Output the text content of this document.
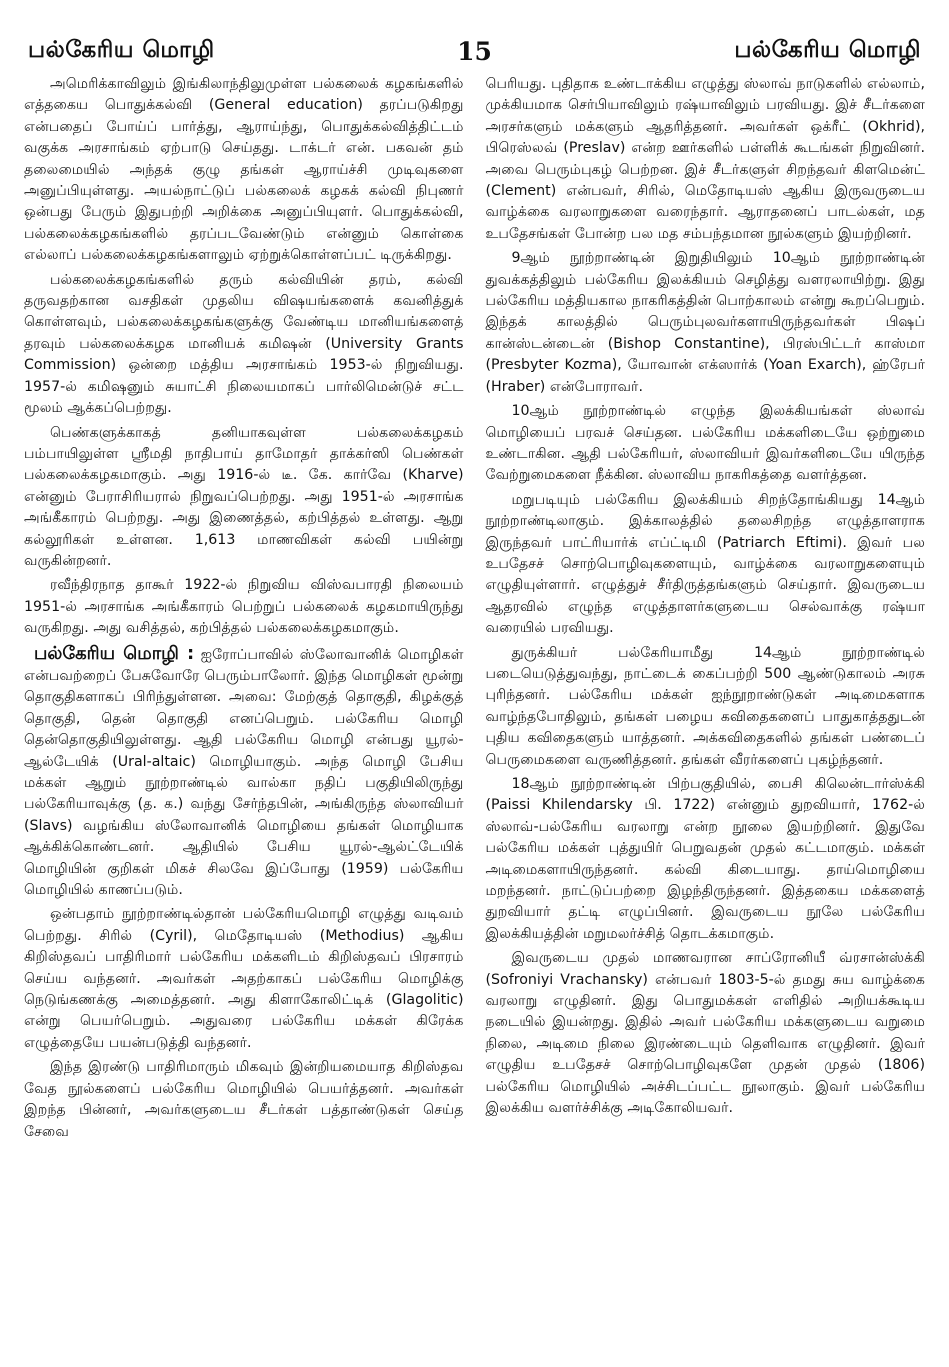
பல்கேரிய மொழி	15	பல்கேரிய மொழி

அமெரிக்காவிலும் இங்கிலாந்திலுமுள்ள பல்கலைக் கழகங்களில் எத்தகைய பொதுக்கல்வி (General education) தரப்படுகிறது என்பதைப் போய்ப் பார்த்து, ஆராய்ந்து, பொதுக்கல்வித்திட்டம் வகுக்க அரசாங்கம் ஏற்பாடு செய்தது. டாக்டர் என். பகவன் தம் தலைமையில் அந்தக் குழு தங்கள் ஆராய்ச்சி முடிவுகளை அனுப்பியுள்ளது. அயல்நாட்டுப் பல்கலைக் கழகக் கல்வி நிபுணர் ஒன்பது பேரும் இதுபற்றி அறிக்கை அனுப்பியுளர். பொதுக்கல்வி, பல்கலைக்கழகங்களில் தரப்படவேண்டும் என்னும் கொள்கை எல்லாப் பல்கலைக்கழகங்களாலும் ஏற்றுக்கொள்ளப்பட் டிருக்கிறது.

பல்கலைக்கழகங்களில் தரும் கல்வியின் தரம், கல்வி தருவதற்கான வசதிகள் முதலிய விஷயங்களைக் கவனித்துக் கொள்ளவும், பல்கலைக்கழகங்களுக்கு வேண்டிய மானியங்களைத் தரவும் பல்கலைக்கழக மானியக் கமிஷன் (University Grants Commission) ஒன்றை மத்திய அரசாங்கம் 1953-ல் நிறுவியது. 1957-ல் கமிஷனும் சுயாட்சி நிலையமாகப் பார்லிமென்டுச் சட்ட மூலம் ஆக்கப்பெற்றது.

பெண்களுக்காகத் தனியாகவுள்ள பல்கலைக்கழகம் பம்பாயிலுள்ள ஸ்ரீமதி நாதிபாய் தாமோதர் தாக்கர்ஸி பெண்கள் பல்கலைக்கழகமாகும். அது 1916-ல் டீ. கே. கார்வே (Kharve) என்னும் பேராசிரியரால் நிறுவப்பெற்றது. அது 1951-ல் அரசாங்க அங்கீகாரம் பெற்றது. அது இணைத்தல், கற்பித்தல் உள்ளது. ஆறு கல்லூரிகள் உள்ளன. 1,613 மாணவிகள் கல்வி பயின்று வருகின்றனர்.

ரவீந்திரநாத தாகூர் 1922-ல் நிறுவிய விஸ்வபாரதி நிலையம் 1951-ல் அரசாங்க அங்கீகாரம் பெற்றுப் பல்கலைக் கழகமாயிருந்து வருகிறது. அது வசித்தல், கற்பித்தல் பல்கலைக்கழகமாகும்.

பல்கேரிய மொழி : ஐரோப்பாவில் ஸ்லோவானிக் மொழிகள் என்பவற்றைப் பேசுவோரே பெரும்பாலோர். இந்த மொழிகள் மூன்று தொகுதிகளாகப் பிரிந்துள்ளன. அவை: மேற்குத் தொகுதி, கிழக்குத் தொகுதி, தென் தொகுதி எனப்பெறும். பல்கேரிய மொழி தென்தொகுதியிலுள்ளது. ஆதி பல்கேரிய மொழி என்பது யூரல்-ஆல்டேயிக் (Ural-altaic) மொழியாகும். அந்த மொழி பேசிய மக்கள் ஆறும் நூற்றாண்டில் வால்கா நதிப் பகுதியிலிருந்து பல்கேரியாவுக்கு (த. க.) வந்து சேர்ந்தபின், அங்கிருந்த ஸ்லாவியர் (Slavs) வழங்கிய ஸ்லோவானிக் மொழியை தங்கள் மொழியாக ஆக்கிக்கொண்டனர். ஆதியில் பேசிய யூரல்-ஆல்ட்டேயிக் மொழியின் குறிகள் மிகச் சிலவே இப்போது (1959) பல்கேரிய மொழியில் காணப்படும்.

ஒன்பதாம் நூற்றாண்டில்தான் பல்கேரியமொழி எழுத்து வடிவம் பெற்றது. சிரில் (Cyril), மெதோடியஸ் (Methodius) ஆகிய கிறிஸ்தவப் பாதிரிமார் பல்கேரிய மக்களிடம் கிறிஸ்தவப் பிரசாரம் செய்ய வந்தனர். அவர்கள் அதற்காகப் பல்கேரிய மொழிக்கு நெடுங்கணக்கு அமைத்தனர். அது கிளாகோலிட்டிக் (Glagolitic) என்று பெயர்பெறும். அதுவரை பல்கேரிய மக்கள் கிரேக்க எழுத்தையே பயன்படுத்தி வந்தனர்.

இந்த இரண்டு பாதிரிமாரும் மிகவும் இன்றியமையாத கிறிஸ்தவ வேத நூல்களைப் பல்கேரிய மொழியில் பெயர்த்தனர். அவர்கள் இறந்த பின்னர், அவர்களுடைய சீடர்கள் பத்தாண்டுகள் செய்த சேவை

பெரியது. புதிதாக உண்டாக்கிய எழுத்து ஸ்லாவ் நாடுகளில் எல்லாம், முக்கியமாக செர்பியாவிலும் ரஷ்யாவிலும் பரவியது. இச் சீடர்களை அரசர்களும் மக்களும் ஆதரித்தனர். அவர்கள் ஒக்ரீட் (Okhrid), பிரெஸ்லவ் (Preslav) என்ற ஊர்களில் பள்ளிக் கூடங்கள் நிறுவினர். அவை பெரும்புகழ் பெற்றன. இச் சீடர்களுள் சிறந்தவர் கிளமென்ட் (Clement) என்பவர், சிரில், மெதோடியஸ் ஆகிய இருவருடைய வாழ்க்கை வரலாறுகளை வரைந்தார். ஆராதனைப் பாடல்கள், மத உபதேசங்கள் போன்ற பல மத சம்பந்தமான நூல்களும் இயற்றினர்.

9ஆம் நூற்றாண்டின் இறுதியிலும் 10ஆம் நூற்றாண்டின் துவக்கத்திலும் பல்கேரிய இலக்கியம் செழித்து வளரலாயிற்று. இது பல்கேரிய மத்தியகால நாகரிகத்தின் பொற்காலம் என்று கூறப்பெறும். இந்தக் காலத்தில் பெரும்புலவர்களாயிருந்தவர்கள் பிஷப் கான்ஸ்டன்டைன் (Bishop Constantine), பிரஸ்பிட்டர் காஸ்மா (Presbyter Kozma), யோவான் எக்ஸார்க் (Yoan Exarch), ஹ்ரேபர் (Hraber) என்போராவர்.

10ஆம் நூற்றாண்டில் எழுந்த இலக்கியங்கள் ஸ்லாவ் மொழியைப் பரவச் செய்தன. பல்கேரிய மக்களிடையே ஒற்றுமை உண்டாகின. ஆதி பல்கேரியர், ஸ்லாவியர் இவர்களிடையே யிருந்த வேற்றுமைகளை நீக்கின. ஸ்லாவிய நாகரிகத்தை வளர்த்தன.

மறுபடியும் பல்கேரிய இலக்கியம் சிறந்தோங்கியது 14ஆம் நூற்றாண்டிலாகும். இக்காலத்தில் தலைசிறந்த எழுத்தாளராக இருந்தவர் பாட்ரியார்க் எப்ட்டிமி (Patriarch Eftimi). இவர் பல உபதேசச் சொற்பொழிவுகளையும், வாழ்க்கை வரலாறுகளையும் எழுதியுள்ளார். எழுத்துச் சீர்திருத்தங்களும் செய்தார். இவருடைய ஆதரவில் எழுந்த எழுத்தாளர்களுடைய செல்வாக்கு ரஷ்யா வரையில் பரவியது.

துருக்கியர் பல்கேரியாமீது 14ஆம் நூற்றாண்டில் படையெடுத்துவந்து, நாட்டைக் கைப்பற்றி 500 ஆண்டுகாலம் அரசு புரிந்தனர். பல்கேரிய மக்கள் ஐந்நூறாண்டுகள் அடிமைகளாக வாழ்ந்தபோதிலும், தங்கள் பழைய கவிதைகளைப் பாதுகாத்ததுடன் புதிய கவிதைகளும் யாத்தனர். அக்கவிதைகளில் தங்கள் பண்டைப் பெருமைகளை வருணித்தனர். தங்கள் வீரர்களைப் புகழ்ந்தனர்.

18ஆம் நூற்றாண்டின் பிற்பகுதியில், பைசி கிலென்டார்ஸ்க்கி (Paissi Khilendarsky பி. 1722) என்னும் துறவியார், 1762-ல் ஸ்லாவ்-பல்கேரிய வரலாறு என்ற நூலை இயற்றினர். இதுவே பல்கேரிய மக்கள் புத்துயிர் பெறுவதன் முதல் கட்டமாகும். மக்கள் அடிமைகளாயிருந்தனர். கல்வி கிடையாது. தாய்மொழியை மறந்தனர். நாட்டுப்பற்றை இழந்திருந்தனர். இத்தகைய மக்களைத் துறவியார் தட்டி எழுப்பினர். இவருடைய நூலே பல்கேரிய இலக்கியத்தின் மறுமலர்ச்சித் தொடக்கமாகும்.

இவருடைய முதல் மாணவரான சாப்ரோனியீ வ்ரசான்ஸ்க்கி (Sofroniyi Vrachansky) என்பவர் 1803-5-ல் தமது சுய வாழ்க்கை வரலாறு எழுதினர். இது பொதுமக்கள் எளிதில் அறியக்கூடிய நடையில் இயன்றது. இதில் அவர் பல்கேரிய மக்களுடைய வறுமை நிலை, அடிமை நிலை இரண்டையும் தெளிவாக எழுதினர். இவர் எழுதிய உபதேசச் சொற்பொழிவுகளே முதன் முதல் (1806) பல்கேரிய மொழியில் அச்சிடப்பட்ட நூலாகும். இவர் பல்கேரிய இலக்கிய வளர்ச்சிக்கு அடிகோலியவர்.
